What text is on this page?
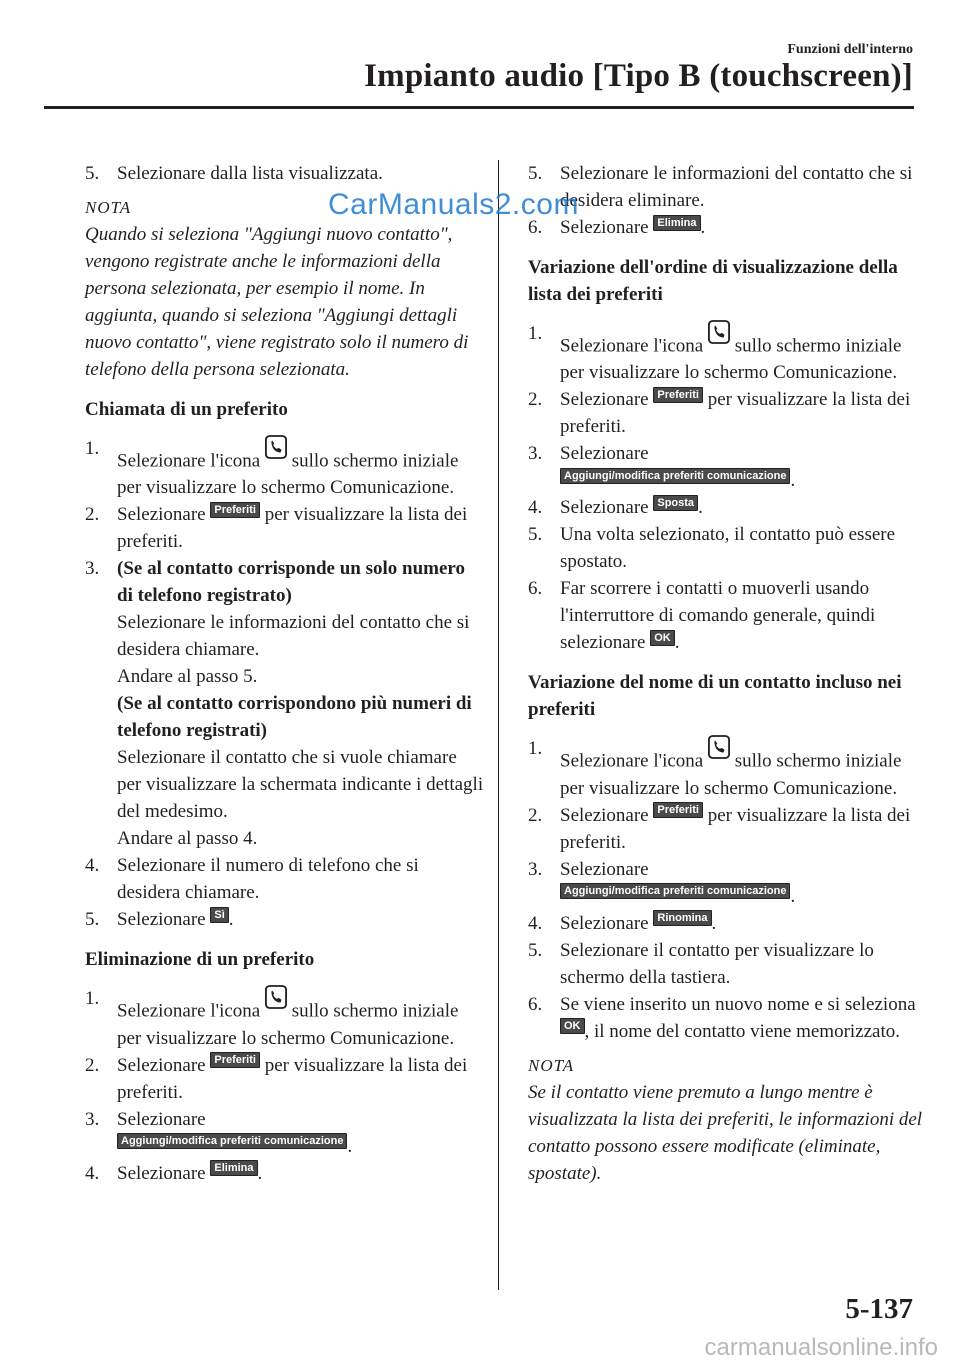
Funzioni dell'interno
Impianto audio [Tipo B (touchscreen)]
5. Selezionare dalla lista visualizzata.
NOTA
Quando si seleziona "Aggiungi nuovo contatto", vengono registrate anche le informazioni della persona selezionata, per esempio il nome. In aggiunta, quando si seleziona "Aggiungi dettagli nuovo contatto", viene registrato solo il numero di telefono della persona selezionata.
Chiamata di un preferito
1.
Selezionare l'icona sullo schermo iniziale per visualizzare lo schermo Comunicazione.
2. Selezionare Preferiti per visualizzare la lista dei preferiti.
3. (Se al contatto corrisponde un solo numero di telefono registrato)
Selezionare le informazioni del contatto che si desidera chiamare.
Andare al passo 5.
(Se al contatto corrispondono più numeri di telefono registrati)
Selezionare il contatto che si vuole chiamare per visualizzare la schermata indicante i dettagli del medesimo.
Andare al passo 4.
4. Selezionare il numero di telefono che si desidera chiamare.
5. Selezionare Sì .
Eliminazione di un preferito
1.
Selezionare l'icona sullo schermo iniziale per visualizzare lo schermo Comunicazione.
2. Selezionare Preferiti per visualizzare la lista dei preferiti.
3. Selezionare
Aggiungi/modifica preferiti comunicazione .
4. Selezionare Elimina .
5. Selezionare le informazioni del contatto che si desidera eliminare.
6. Selezionare Elimina .
Variazione dell'ordine di visualizzazione della lista dei preferiti
1.
Selezionare l'icona sullo schermo iniziale per visualizzare lo schermo Comunicazione.
2. Selezionare Preferiti per visualizzare la lista dei preferiti.
3. Selezionare
Aggiungi/modifica preferiti comunicazione .
4. Selezionare Sposta .
5. Una volta selezionato, il contatto può essere spostato.
6. Far scorrere i contatti o muoverli usando l'interruttore di comando generale, quindi selezionare OK .
Variazione del nome di un contatto incluso nei preferiti
1.
Selezionare l'icona sullo schermo iniziale per visualizzare lo schermo Comunicazione.
2. Selezionare Preferiti per visualizzare la lista dei preferiti.
3. Selezionare
Aggiungi/modifica preferiti comunicazione .
4. Selezionare Rinomina .
5. Selezionare il contatto per visualizzare lo schermo della tastiera.
6. Se viene inserito un nuovo nome e si seleziona OK , il nome del contatto viene memorizzato.
NOTA
Se il contatto viene premuto a lungo mentre è visualizzata la lista dei preferiti, le informazioni del contatto possono essere modificate (eliminate, spostate).
CarManuals2.com
5-137
carmanualsonline.info
